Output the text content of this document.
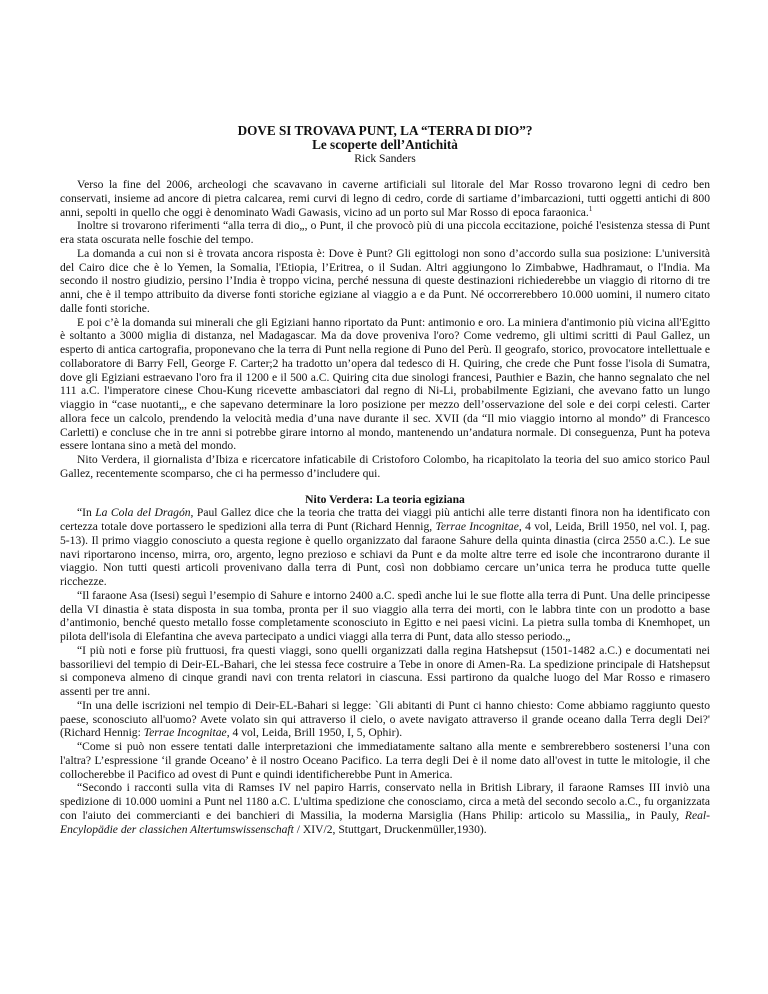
DOVE SI TROVAVA PUNT, LA “TERRA DI DIO”?
Le scoperte dell’Antichità
Rick Sanders

Verso la fine del 2006, archeologi che scavavano in caverne artificiali sul litorale del Mar Rosso trovarono legni di cedro ben conservati, insieme ad ancore di pietra calcarea, remi curvi di legno di cedro, corde di sartiame d’imbarcazioni, tutti oggetti antichi di 800 anni, sepolti in quello che oggi è denominato Wadi Gawasis, vicino ad un porto sul Mar Rosso di epoca faraonica.$^1$

Inoltre si trovarono riferimenti “alla terra di dio„, o Punt, il che provocò più di una piccola eccitazione, poiché l'esistenza stessa di Punt era stata oscurata nelle foschie del tempo.

La domanda a cui non si è trovata ancora risposta è: Dove è Punt? Gli egittologi non sono d’accordo sulla sua posizione: L'università del Cairo dice che è lo Yemen, la Somalia, l'Etiopia, l’Eritrea, o il Sudan. Altri aggiungono lo Zimbabwe, Hadhramaut, o l'India. Ma secondo il nostro giudizio, persino l’India è troppo vicina, perché nessuna di queste destinazioni richiederebbe un viaggio di ritorno di tre anni, che è il tempo attribuito da diverse fonti storiche egiziane al viaggio a e da Punt. Né occorrerebbero 10.000 uomini, il numero citato dalle fonti storiche.

E poi c’è la domanda sui minerali che gli Egiziani hanno riportato da Punt: antimonio e oro. La miniera d'antimonio più vicina all'Egitto è soltanto a 3000 miglia di distanza, nel Madagascar. Ma da dove proveniva l'oro? Come vedremo, gli ultimi scritti di Paul Gallez, un esperto di antica cartografia, proponevano che la terra di Punt nella regione di Puno del Perù. Il geografo, storico, provocatore intellettuale e collaboratore di Barry Fell, George F. Carter;2 ha tradotto un’opera dal tedesco di H. Quiring, che crede che Punt fosse l'isola di Sumatra, dove gli Egiziani estraevano l'oro fra il 1200 e il 500 a.C. Quiring cita due sinologi francesi, Pauthier e Bazin, che hanno segnalato che nel 111 a.C. l'imperatore cinese Chou-Kung ricevette ambasciatori dal regno di Ni-Li, probabilmente Egiziani, che avevano fatto un lungo viaggio in “case nuotanti„, e che sapevano determinare la loro posizione per mezzo dell’osservazione del sole e dei corpi celesti. Carter allora fece un calcolo, prendendo la velocità media d’una nave durante il sec. XVII (da “Il mio viaggio intorno al mondo” di Francesco Carletti) e concluse che in tre anni si potrebbe girare intorno al mondo, mantenendo un’andatura normale. Di conseguenza, Punt ha poteva essere lontana sino a metà del mondo.

Nito Verdera, il giornalista d’Ibiza e ricercatore infaticabile di Cristoforo Colombo, ha ricapitolato la teoria del suo amico storico Paul Gallez, recentemente scomparso, che ci ha permesso d’includere qui.

Nito Verdera: La teoria egiziana

“In La Cola del Dragón, Paul Gallez dice che la teoria che tratta dei viaggi più antichi alle terre distanti finora non ha identificato con certezza totale dove portassero le spedizioni alla terra di Punt (Richard Hennig, Terrae Incognitae, 4 vol, Leida, Brill 1950, nel vol. I, pag. 5-13). Il primo viaggio conosciuto a questa regione è quello organizzato dal faraone Sahure della quinta dinastia (circa 2550 a.C.). Le sue navi riportarono incenso, mirra, oro, argento, legno prezioso e schiavi da Punt e da molte altre terre ed isole che incontrarono durante il viaggio. Non tutti questi articoli provenivano dalla terra di Punt, così non dobbiamo cercare un’unica terra he produca tutte quelle ricchezze.

“Il faraone Asa (Isesi) seguì l’esempio di Sahure e intorno 2400 a.C. spedì anche lui le sue flotte alla terra di Punt. Una delle principesse della VI dinastia è stata disposta in sua tomba, pronta per il suo viaggio alla terra dei morti, con le labbra tinte con un prodotto a base d’antimonio, benché questo metallo fosse completamente sconosciuto in Egitto e nei paesi vicini. La pietra sulla tomba di Knemhopet, un pilota dell'isola di Elefantina che aveva partecipato a undici viaggi alla terra di Punt, data allo stesso periodo.„

“I più noti e forse più fruttuosi, fra questi viaggi, sono quelli organizzati dalla regina Hatshepsut (1501-1482 a.C.) e documentati nei bassorilievi del tempio di Deir-EL-Bahari, che lei stessa fece costruire a Tebe in onore di Amen-Ra. La spedizione principale di Hatshepsut si componeva almeno di cinque grandi navi con trenta relatori in ciascuna. Essi partirono da qualche luogo del Mar Rosso e rimasero assenti per tre anni.

“In una delle iscrizioni nel tempio di Deir-EL-Bahari si legge: `Gli abitanti di Punt ci hanno chiesto: Come abbiamo raggiunto questo paese, sconosciuto all'uomo? Avete volato sin qui attraverso il cielo, o avete navigato attraverso il grande oceano dalla Terra degli Dei?' (Richard Hennig: Terrae Incognitae, 4 vol, Leida, Brill 1950, I, 5, Ophir).

“Come si può non essere tentati dalle interpretazioni che immediatamente saltano alla mente e sembrerebbero sostenersi l’una con l'altra? L’espressione ‘il grande Oceano’ è il nostro Oceano Pacifico. La terra degli Dei è il nome dato all'ovest in tutte le mitologie, il che collocherebbe il Pacifico ad ovest di Punt e quindi identificherebbe Punt in America.

“Secondo i racconti sulla vita di Ramses IV nel papiro Harris, conservato nella in British Library, il faraone Ramses III inviò una spedizione di 10.000 uomini a Punt nel 1180 a.C. L'ultima spedizione che conosciamo, circa a metà del secondo secolo a.C., fu organizzata con l'aiuto dei commercianti e dei banchieri di Massilia, la moderna Marsiglia (Hans Philip: articolo su Massilia„ in Pauly, Real-Encylopädie der classichen Altertumswissenschaft / XIV/2, Stuttgart, Druckenmüller,1930).
